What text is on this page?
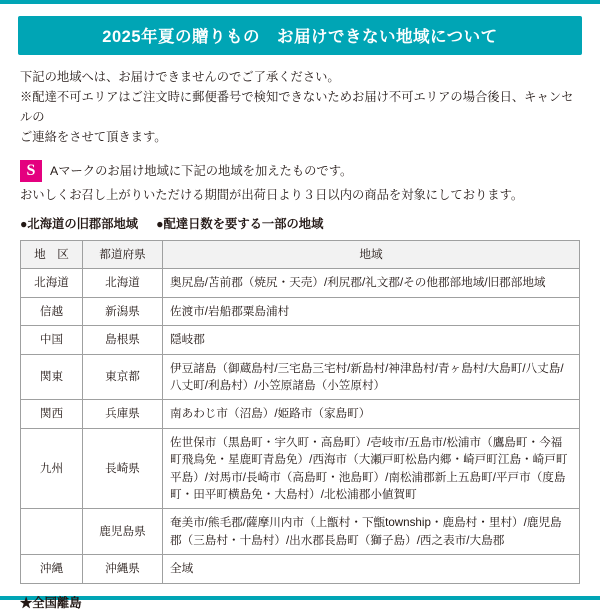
2025年夏の贈りもの　お届けできない地域について
下記の地域へは、お届けできませんのでご了承ください。
※配達不可エリアはご注文時に郵便番号で検知できないためお届け不可エリアの場合後日、キャンセルの
ご連絡をさせて頂きます。
S	Aマークのお届け地域に下記の地域を加えたものです。
おいしくお召し上がりいただける期間が出荷日より３日以内の商品を対象にしております。
●北海道の旧郡部地域 ●配達日数を要する一部の地域
地　区	都道府県	地域
北海道	北海道	奥尻島/苫前郡（焼尻・天売）/利尻郡/礼文郡/その他郡部地域/旧郡部地域
信越	新潟県	佐渡市/岩船郡粟島浦村
中国	島根県	隠岐郡
関東	東京都	伊豆諸島（御蔵島村/三宅島三宅村/新島村/神津島村/青ヶ島村/大島町/八丈島/八丈町/利島村）/小笠原諸島（小笠原村）
関西	兵庫県	南あわじ市（沼島）/姫路市（家島町）
九州	長崎県	佐世保市（黒島町・宇久町・高島町）/壱岐市/五島市/松浦市（鷹島町・今福町飛鳥免・星鹿町青島免）/西海市（大瀬戸町松島内郷・崎戸町江島・崎戸町平島）/対馬市/長崎市（高島町・池島町）/南松浦郡新上五島町/平戸市（度島町・田平町横島免・大島村）/北松浦郡小値賀町
	鹿児島県	奄美市/熊毛郡/薩摩川内市（上甑村・下甑township・鹿島村・里村）/鹿児島郡（三島村・十島村）/出水郡長島町（獅子島）/西之表市/大島郡
沖縄	沖縄県	全域
★全国離島
